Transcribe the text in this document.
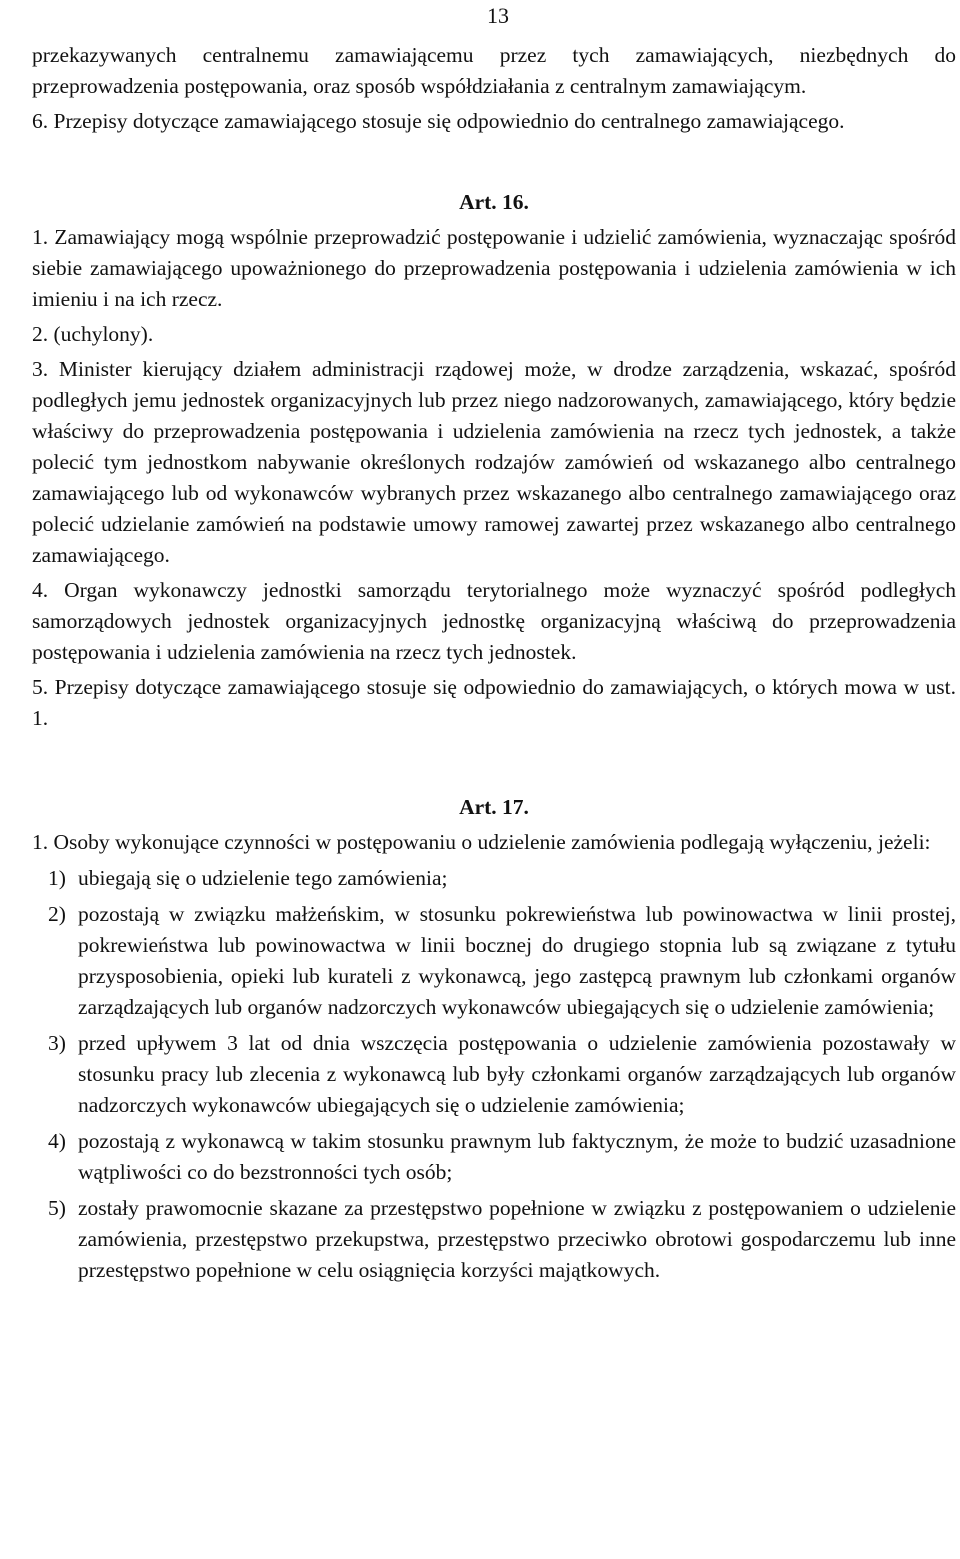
13

przekazywanych centralnemu zamawiającemu przez tych zamawiających, niezbędnych do przeprowadzenia postępowania, oraz sposób współdziałania z centralnym zamawiającym.

6. Przepisy dotyczące zamawiającego stosuje się odpowiednio do centralnego zamawiającego.

Art. 16.

1. Zamawiający mogą wspólnie przeprowadzić postępowanie i udzielić zamówienia, wyznaczając spośród siebie zamawiającego upoważnionego do przeprowadzenia postępowania i udzielenia zamówienia w ich imieniu i na ich rzecz.

2. (uchylony).

3. Minister kierujący działem administracji rządowej może, w drodze zarządzenia, wskazać, spośród podległych jemu jednostek organizacyjnych lub przez niego nadzorowanych, zamawiającego, który będzie właściwy do przeprowadzenia postępowania i udzielenia zamówienia na rzecz tych jednostek, a także polecić tym jednostkom nabywanie określonych rodzajów zamówień od wskazanego albo centralnego zamawiającego lub od wykonawców wybranych przez wskazanego albo centralnego zamawiającego oraz polecić udzielanie zamówień na podstawie umowy ramowej zawartej przez wskazanego albo centralnego zamawiającego.

4. Organ wykonawczy jednostki samorządu terytorialnego może wyznaczyć spośród podległych samorządowych jednostek organizacyjnych jednostkę organizacyjną właściwą do przeprowadzenia postępowania i udzielenia zamówienia na rzecz tych jednostek.

5. Przepisy dotyczące zamawiającego stosuje się odpowiednio do zamawiających, o których mowa w ust. 1.

Art. 17.

1. Osoby wykonujące czynności w postępowaniu o udzielenie zamówienia podlegają wyłączeniu, jeżeli:

1) ubiegają się o udzielenie tego zamówienia;
2) pozostają w związku małżeńskim, w stosunku pokrewieństwa lub powinowactwa w linii prostej, pokrewieństwa lub powinowactwa w linii bocznej do drugiego stopnia lub są związane z tytułu przysposobienia, opieki lub kurateli z wykonawcą, jego zastępcą prawnym lub członkami organów zarządzających lub organów nadzorczych wykonawców ubiegających się o udzielenie zamówienia;
3) przed upływem 3 lat od dnia wszczęcia postępowania o udzielenie zamówienia pozostawały w stosunku pracy lub zlecenia z wykonawcą lub były członkami organów zarządzających lub organów nadzorczych wykonawców ubiegających się o udzielenie zamówienia;
4) pozostają z wykonawcą w takim stosunku prawnym lub faktycznym, że może to budzić uzasadnione wątpliwości co do bezstronności tych osób;
5) zostały prawomocnie skazane za przestępstwo popełnione w związku z postępowaniem o udzielenie zamówienia, przestępstwo przekupstwa, przestępstwo przeciwko obrotowi gospodarczemu lub inne przestępstwo popełnione w celu osiągnięcia korzyści majątkowych.
